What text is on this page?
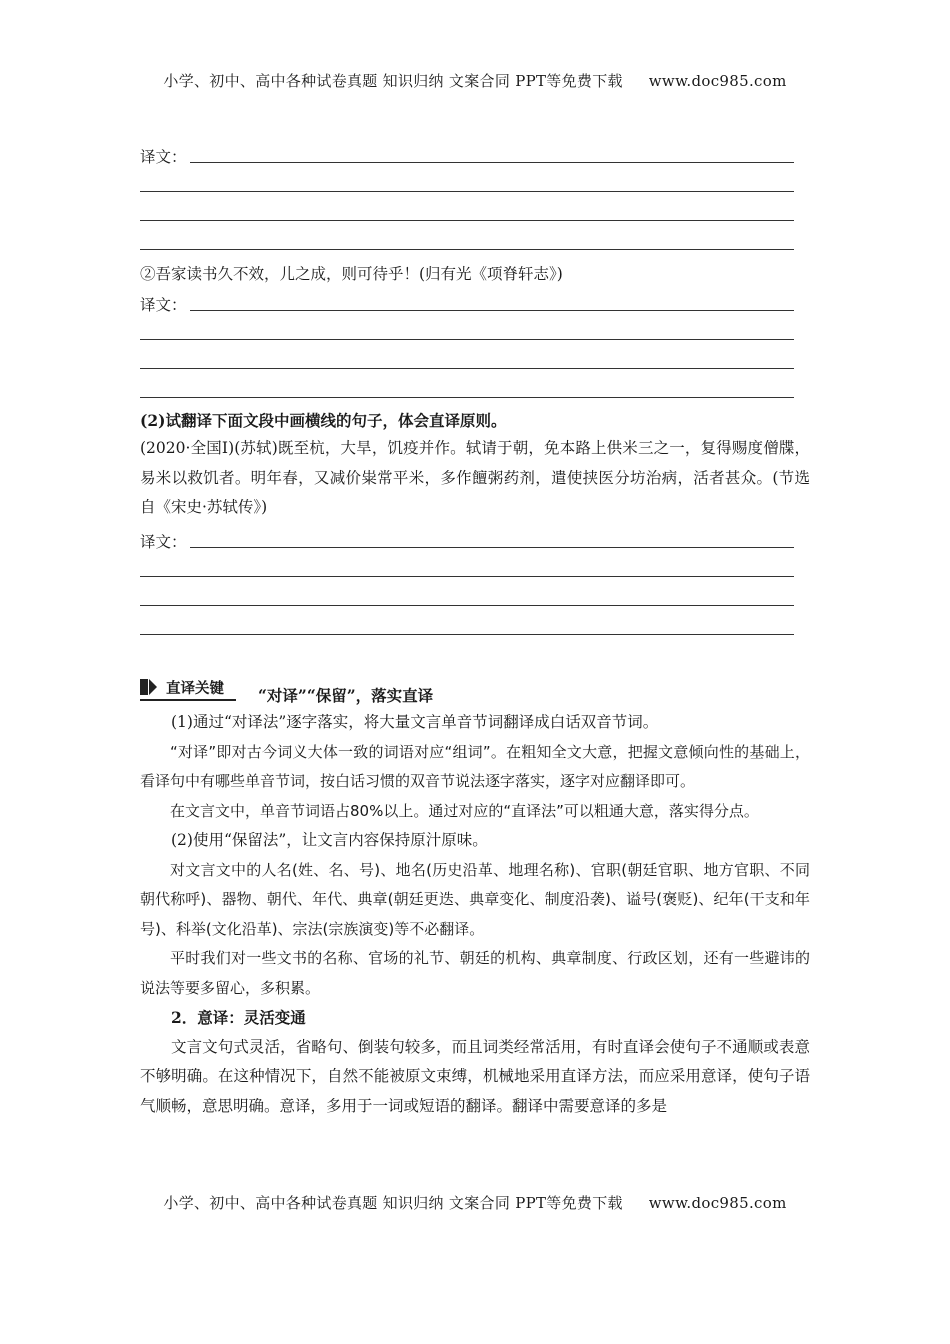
小学、初中、高中各种试卷真题 知识归纳 文案合同 PPT等免费下载 www.doc985.com
译文：
②吾家读书久不效，儿之成，则可待乎！(归有光《项脊轩志》)
译文：
(2)试翻译下面文段中画横线的句子，体会直译原则。

(2020·全国Ⅰ)(苏轼)既至杭，大旱，饥疫并作。轼请于朝，免本路上供米三之一，复得赐度僧牒，易米以救饥者。明年春，又减价粜常平米，多作饘粥药剂，遣使挟医分坊治病，活者甚众。(节选自《宋史·苏轼传》)

译文：
直译关键 “对译”“保留”，落实直译

(1)通过“对译法”逐字落实，将大量文言单音节词翻译成白话双音节词。

“对译”即对古今词义大体一致的词语对应“组词”。在粗知全文大意，把握文意倾向性的基础上，看译句中有哪些单音节词，按白话习惯的双音节说法逐字落实，逐字对应翻译即可。

在文言文中，单音节词语占80%以上。通过对应的“直译法”可以粗通大意，落实得分点。

(2)使用“保留法”，让文言内容保持原汁原味。

对文言文中的人名(姓、名、号)、地名(历史沿革、地理名称)、官职(朝廷官职、地方官职、不同朝代称呼)、器物、朝代、年代、典章(朝廷更迭、典章变化、制度沿袭)、谥号(褒贬)、纪年(干支和年号)、科举(文化沿革)、宗法(宗族演变)等不必翻译。

平时我们对一些文书的名称、官场的礼节、朝廷的机构、典章制度、行政区划，还有一些避讳的说法等要多留心，多积累。

2．意译：灵活变通

文言文句式灵活，省略句、倒装句较多，而且词类经常活用，有时直译会使句子不通顺或表意不够明确。在这种情况下，自然不能被原文束缚，机械地采用直译方法，而应采用意译，使句子语气顺畅，意思明确。意译，多用于一词或短语的翻译。翻译中需要意译的多是

小学、初中、高中各种试卷真题 知识归纳 文案合同 PPT等免费下载 www.doc985.com
